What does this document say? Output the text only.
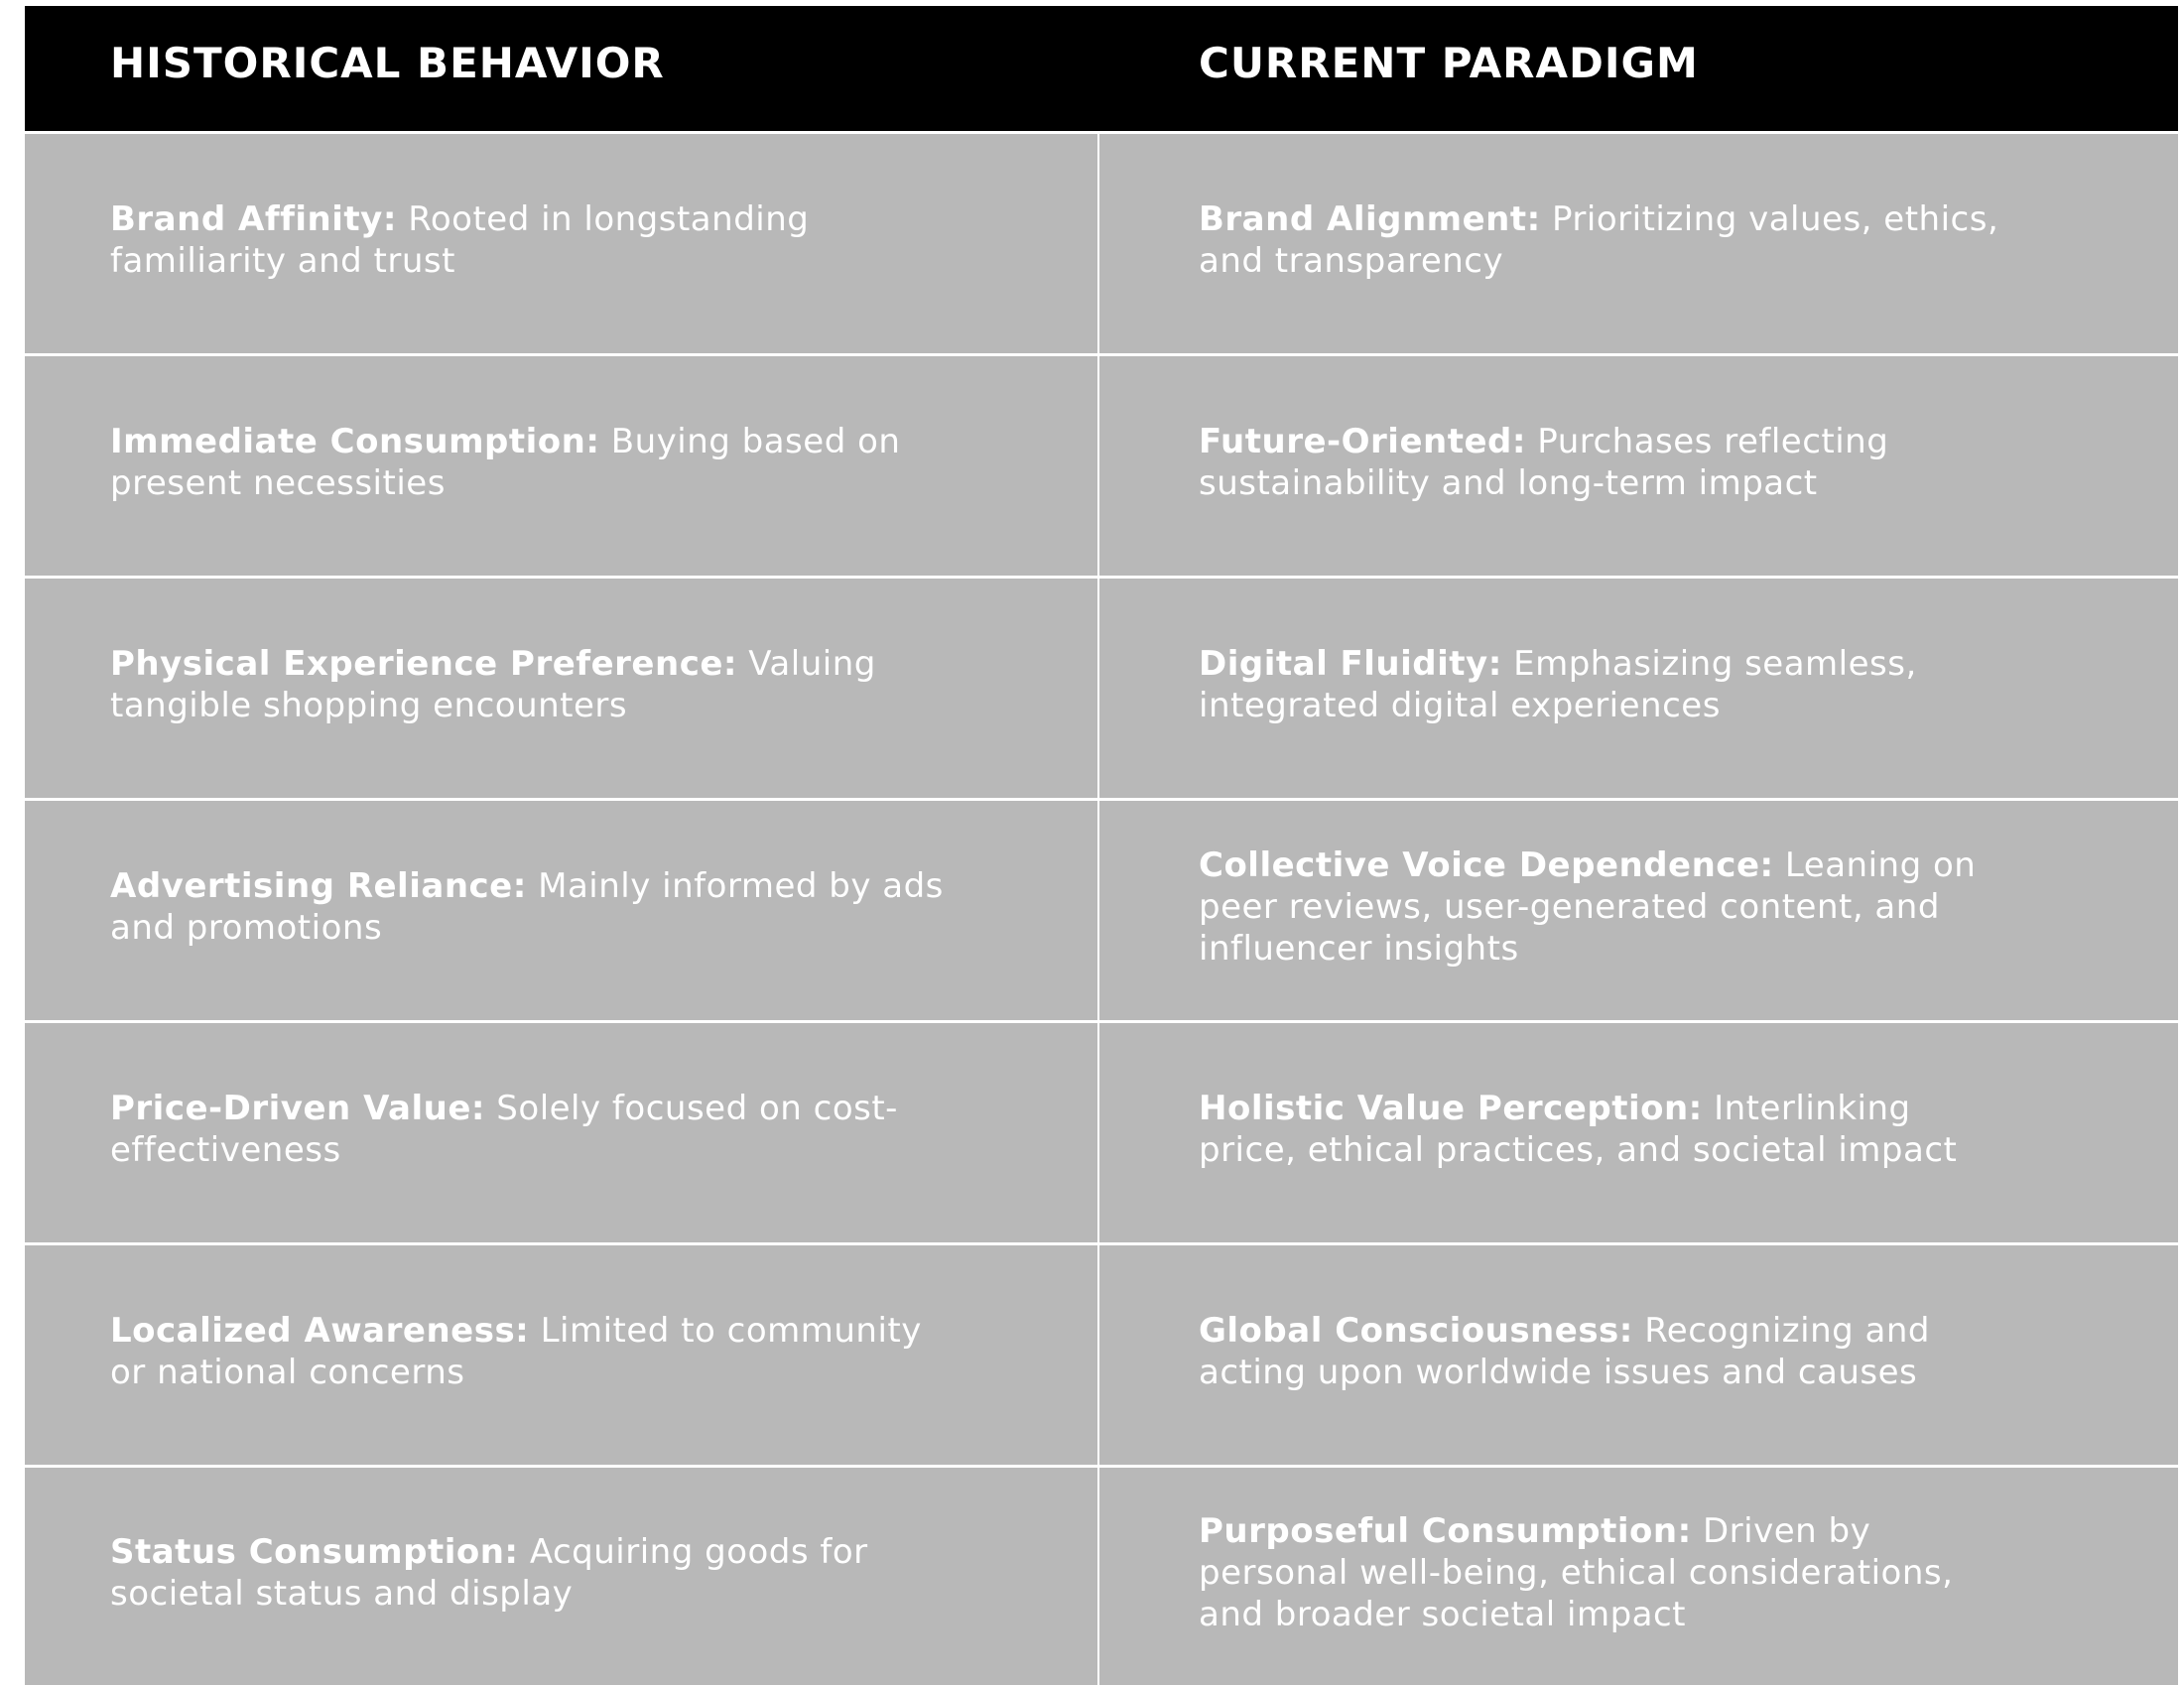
HISTORICAL BEHAVIOR	CURRENT PARADIGM
Brand Affinity: Rooted in longstanding familiarity and trust
Brand Alignment: Prioritizing values, ethics, and transparency
Immediate Consumption: Buying based on present necessities
Future-Oriented: Purchases reflecting sustainability and long-term impact
Physical Experience Preference: Valuing tangible shopping encounters
Digital Fluidity: Emphasizing seamless, integrated digital experiences
Advertising Reliance: Mainly informed by ads and promotions
Collective Voice Dependence: Leaning on peer reviews, user-generated content, and influencer insights
Price-Driven Value: Solely focused on cost-effectiveness
Holistic Value Perception: Interlinking price, ethical practices, and societal impact
Localized Awareness: Limited to community or national concerns
Global Consciousness: Recognizing and acting upon worldwide issues and causes
Status Consumption: Acquiring goods for societal status and display
Purposeful Consumption: Driven by personal well-being, ethical considerations, and broader societal impact
